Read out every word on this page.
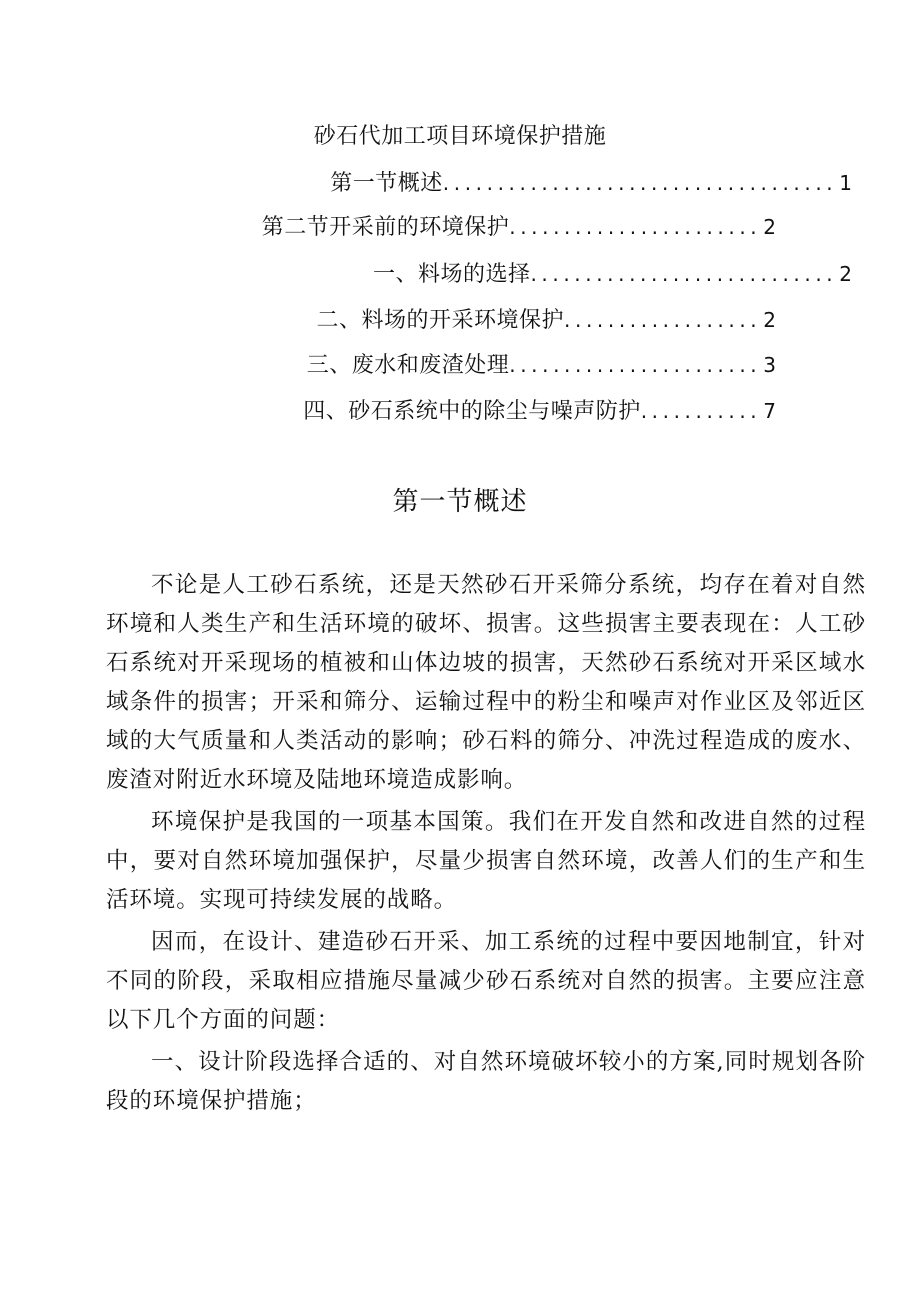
砂石代加工项目环境保护措施
第一节概述 .................................... 1
第二节开采前的环境保护 ....................... 2
一、料场的选择 ............................ 2
二、料场的开采环境保护 .................. 2
三、废水和废渣处理 ....................... 3
四、砂石系统中的除尘与噪声防护 ........... 7
第一节概述

不论是人工砂石系统，还是天然砂石开采筛分系统，均存在着对自然环境和人类生产和生活环境的破坏、损害。这些损害主要表现在：人工砂石系统对开采现场的植被和山体边坡的损害，天然砂石系统对开采区域水域条件的损害；开采和筛分、运输过程中的粉尘和噪声对作业区及邻近区域的大气质量和人类活动的影响；砂石料的筛分、冲洗过程造成的废水、废渣对附近水环境及陆地环境造成影响。

环境保护是我国的一项基本国策。我们在开发自然和改进自然的过程中，要对自然环境加强保护，尽量少损害自然环境，改善人们的生产和生活环境。实现可持续发展的战略。

因而，在设计、建造砂石开采、加工系统的过程中要因地制宜，针对不同的阶段，采取相应措施尽量减少砂石系统对自然的损害。主要应注意以下几个方面的问题：

一、设计阶段选择合适的、对自然环境破坏较小的方案,同时规划各阶段的环境保护措施；
